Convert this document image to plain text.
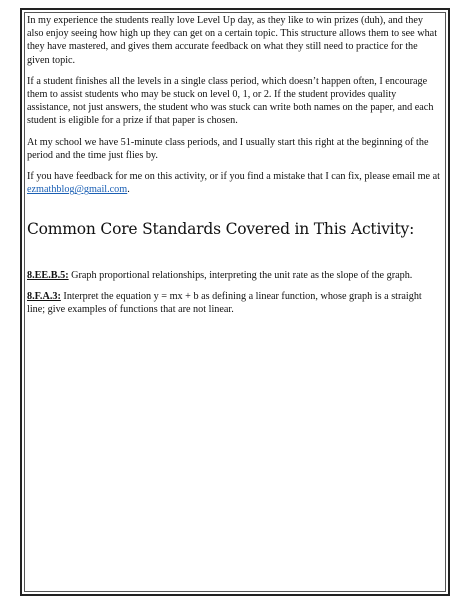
In my experience the students really love Level Up day, as they like to win prizes (duh), and they also enjoy seeing how high up they can get on a certain topic. This structure allows them to see what they have mastered, and gives them accurate feedback on what they still need to practice for the given topic.

If a student finishes all the levels in a single class period, which doesn’t happen often, I encourage them to assist students who may be stuck on level 0, 1, or 2. If the student provides quality assistance, not just answers, the student who was stuck can write both names on the paper, and each student is eligible for a prize if that paper is chosen.

At my school we have 51-minute class periods, and I usually start this right at the beginning of the period and the time just flies by.

If you have feedback for me on this activity, or if you find a mistake that I can fix, please email me at ezmathblog@gmail.com.

Common Core Standards Covered in This Activity:

8.EE.B.5: Graph proportional relationships, interpreting the unit rate as the slope of the graph.

8.F.A.3: Interpret the equation y = mx + b as defining a linear function, whose graph is a straight line; give examples of functions that are not linear.
